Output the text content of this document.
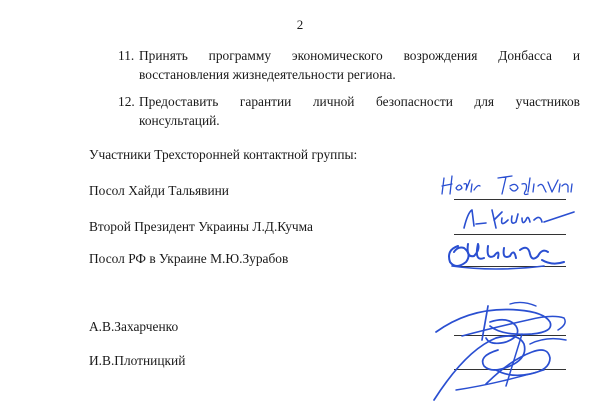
2
11. Принять программу экономического возрождения Донбасса и
восстановления жизнедеятельности региона.
12. Предоставить гарантии личной безопасности для участников
консультаций.
Участники Трехсторонней контактной группы:
Посол Хайди Тальявини
Второй Президент Украины Л.Д.Кучма
Посол РФ в Украине М.Ю.Зурабов
А.В.Захарченко
И.В.Плотницкий
